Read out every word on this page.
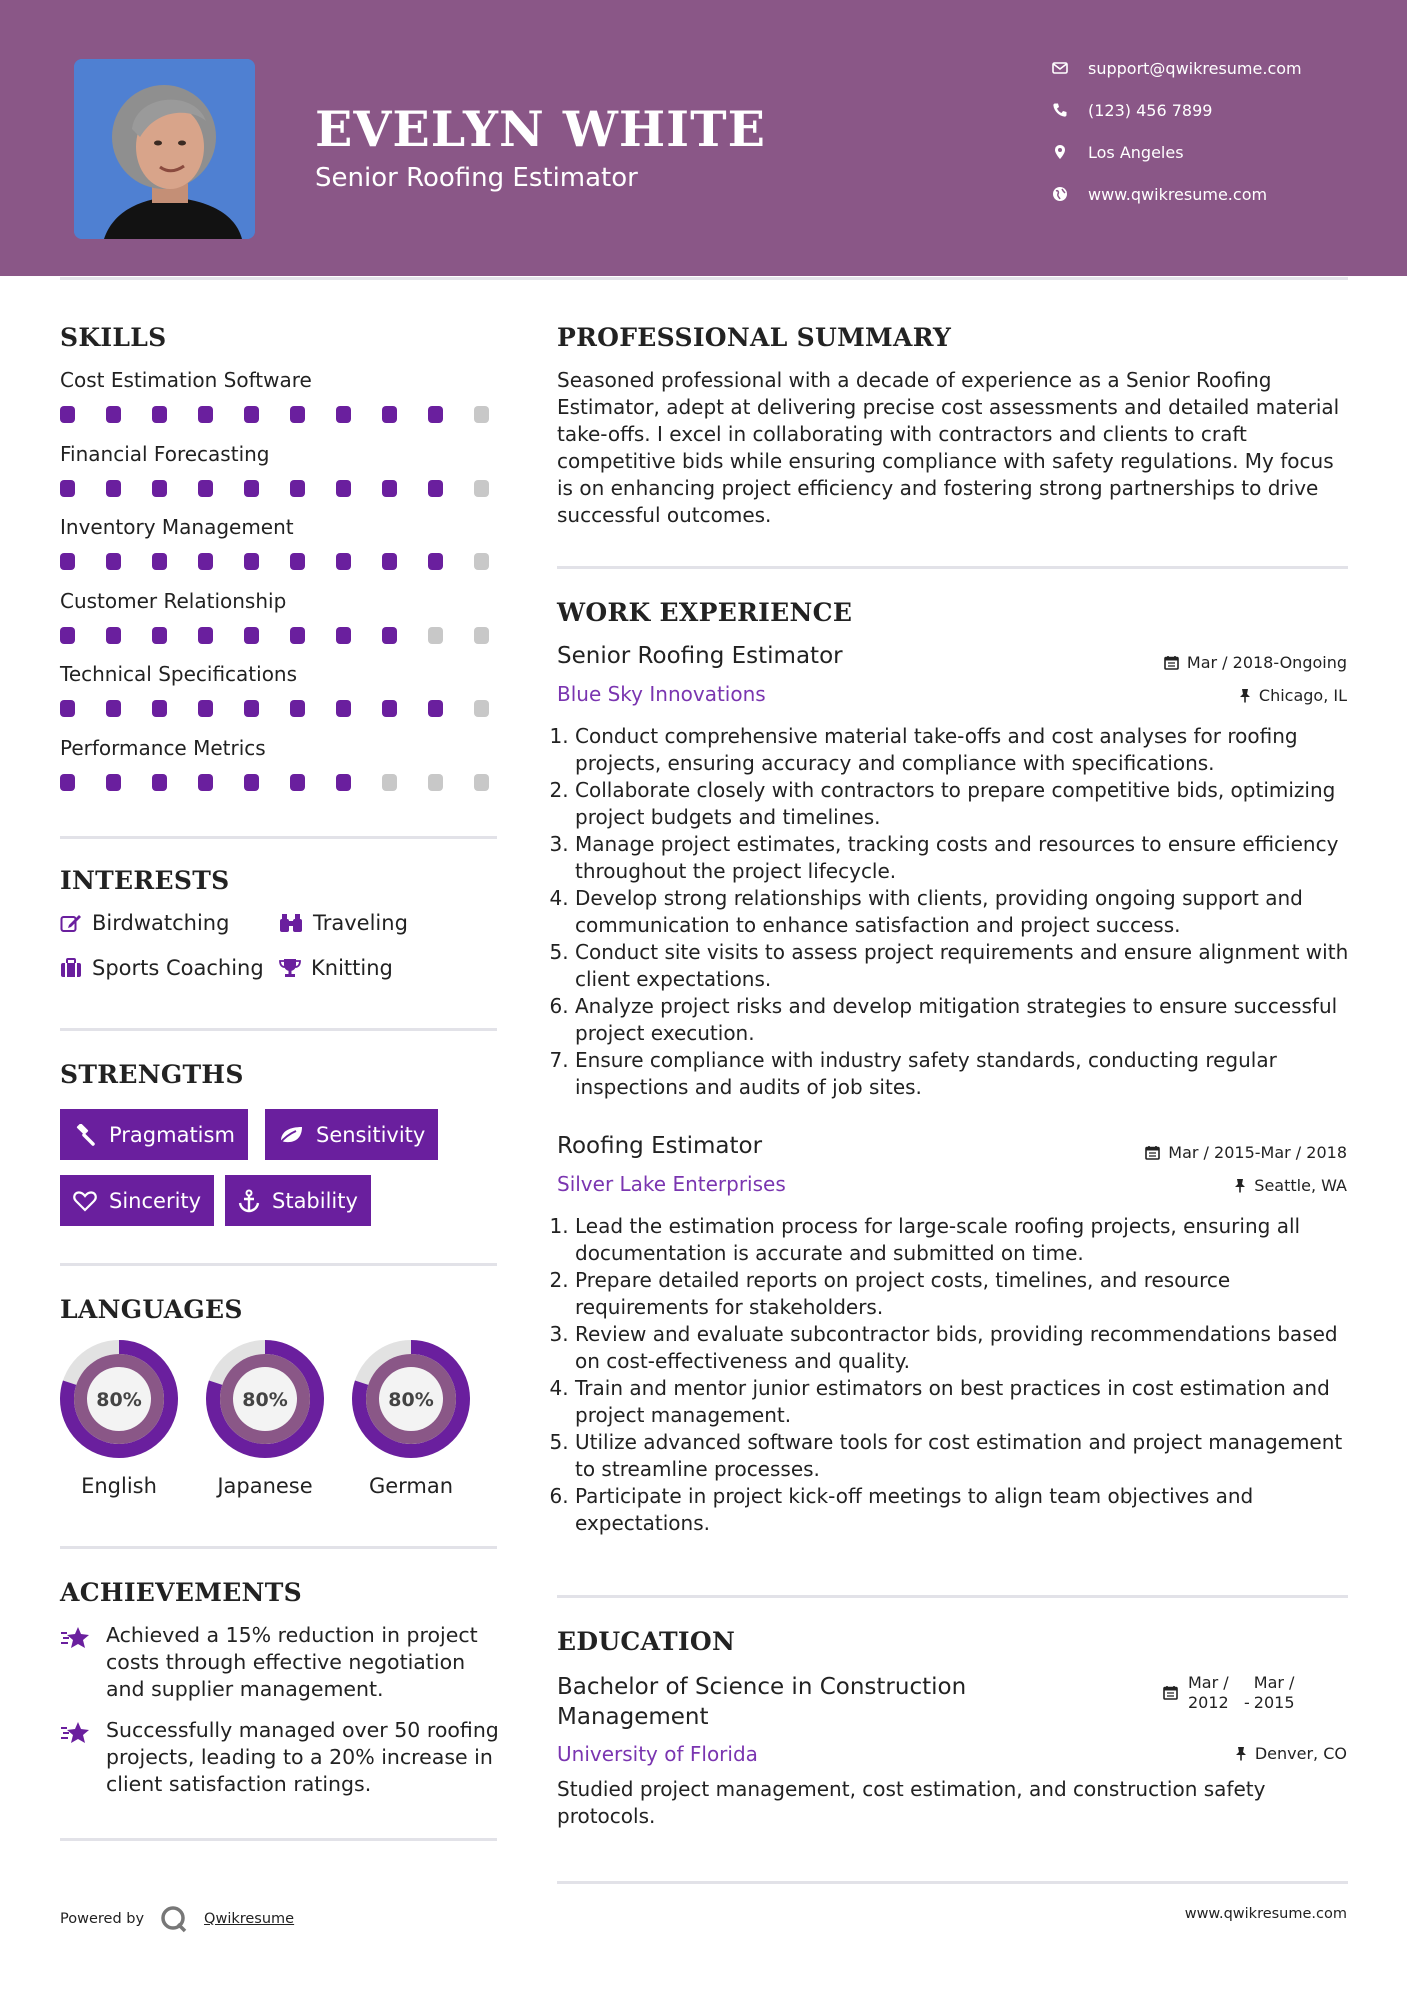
EVELYN WHITE
Senior Roofing Estimator
support@qwikresume.com
(123) 456 7899
Los Angeles
www.qwikresume.com
SKILLS
Cost Estimation Software
Financial Forecasting
Inventory Management
Customer Relationship
Technical Specifications
Performance Metrics
INTERESTS
Birdwatching	Traveling
Sports Coaching	Knitting
STRENGTHS
Pragmatism	Sensitivity
Sincerity	Stability
LANGUAGES
80%
English
80%
Japanese
80%
German
ACHIEVEMENTS
Achieved a 15% reduction in project costs through effective negotiation and supplier management.
Successfully managed over 50 roofing projects, leading to a 20% increase in client satisfaction ratings.
PROFESSIONAL SUMMARY
Seasoned professional with a decade of experience as a Senior Roofing Estimator, adept at delivering precise cost assessments and detailed material take-offs. I excel in collaborating with contractors and clients to craft competitive bids while ensuring compliance with safety regulations. My focus is on enhancing project efficiency and fostering strong partnerships to drive successful outcomes.
WORK EXPERIENCE
Senior Roofing Estimator	Mar / 2018-Ongoing
Blue Sky Innovations	Chicago, IL
1. Conduct comprehensive material take-offs and cost analyses for roofing projects, ensuring accuracy and compliance with specifications.
2. Collaborate closely with contractors to prepare competitive bids, optimizing project budgets and timelines.
3. Manage project estimates, tracking costs and resources to ensure efficiency throughout the project lifecycle.
4. Develop strong relationships with clients, providing ongoing support and communication to enhance satisfaction and project success.
5. Conduct site visits to assess project requirements and ensure alignment with client expectations.
6. Analyze project risks and develop mitigation strategies to ensure successful project execution.
7. Ensure compliance with industry safety standards, conducting regular inspections and audits of job sites.
Roofing Estimator	Mar / 2015-Mar / 2018
Silver Lake Enterprises	Seattle, WA
1. Lead the estimation process for large-scale roofing projects, ensuring all documentation is accurate and submitted on time.
2. Prepare detailed reports on project costs, timelines, and resource requirements for stakeholders.
3. Review and evaluate subcontractor bids, providing recommendations based on cost-effectiveness and quality.
4. Train and mentor junior estimators on best practices in cost estimation and project management.
5. Utilize advanced software tools for cost estimation and project management to streamline processes.
6. Participate in project kick-off meetings to align team objectives and expectations.
EDUCATION
Bachelor of Science in Construction Management
Mar / 2012 -
Mar / 2015
University of Florida	Denver, CO
Studied project management, cost estimation, and construction safety protocols.
Powered by	Qwikresume	www.qwikresume.com
